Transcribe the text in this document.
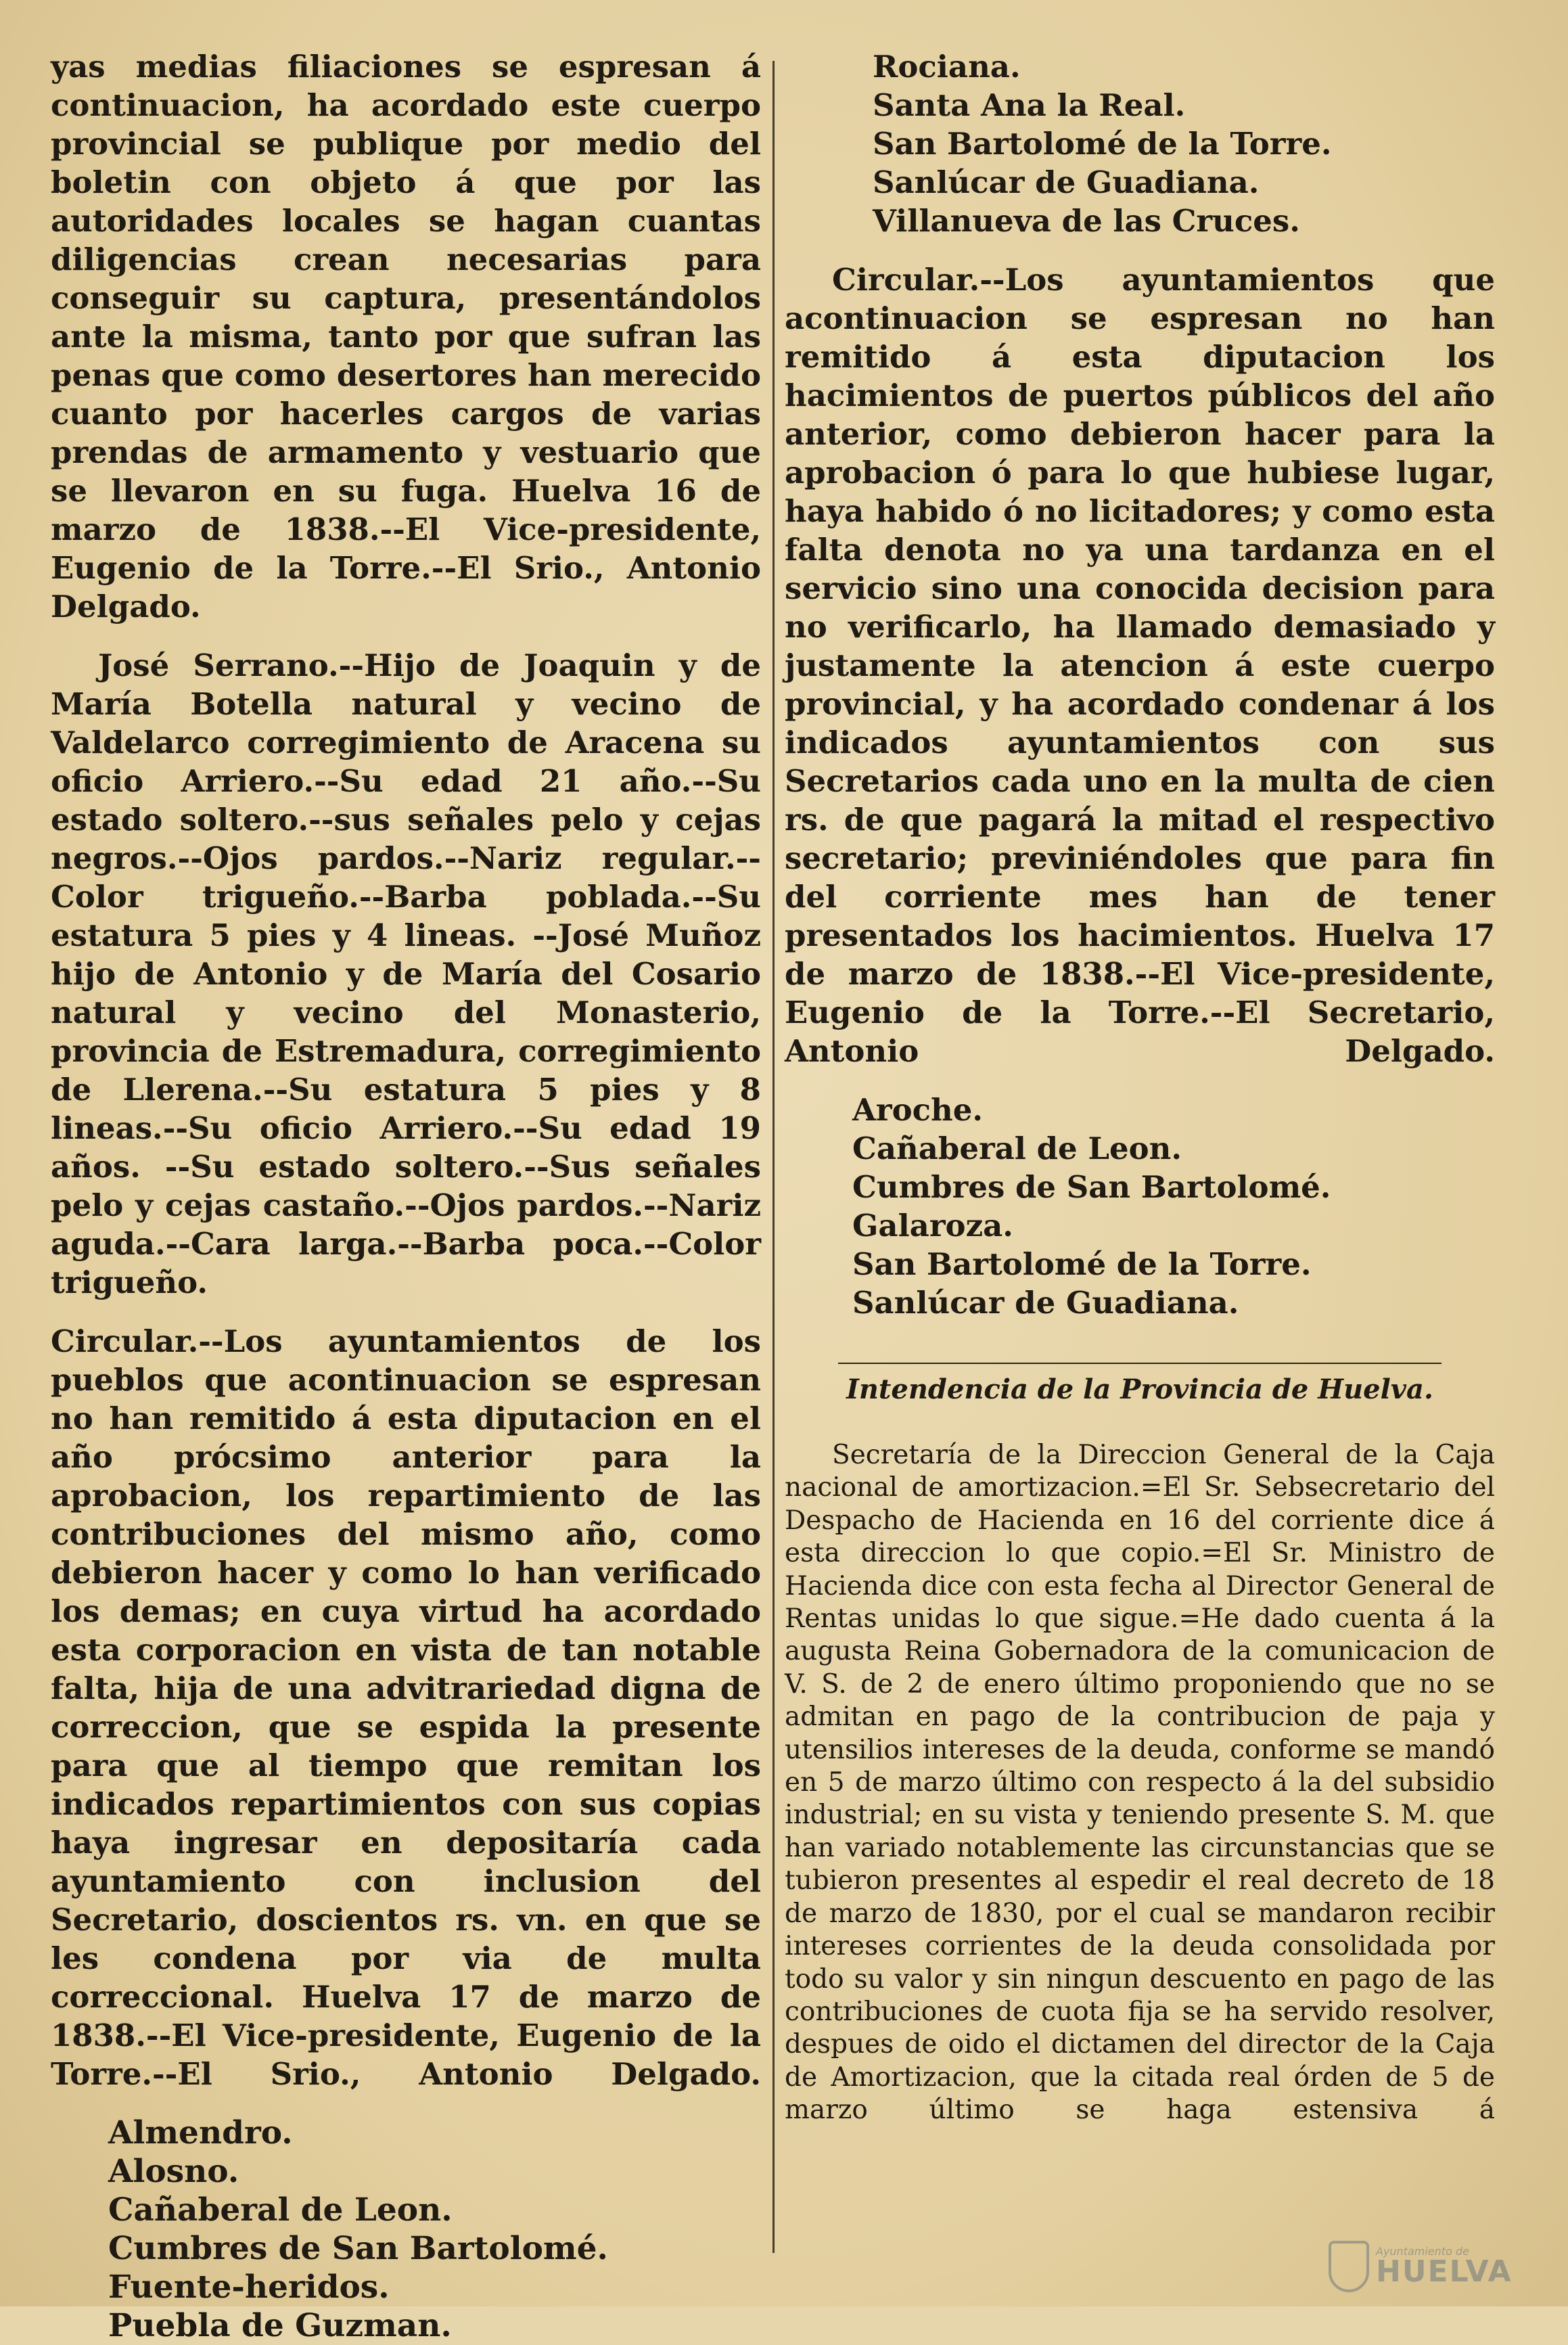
yas medias filiaciones se espresan á continuacion, ha acordado este cuerpo provincial se publique por medio del boletin con objeto á que por las autoridades locales se hagan cuantas diligencias crean necesarias para conseguir su captura, presentándolos ante la misma, tanto por que sufran las penas que como desertores han merecido cuanto por hacerles cargos de varias prendas de armamento y vestuario que se llevaron en su fuga. Huelva 16 de marzo de 1838.--El Vice-presidente, Eugenio de la Torre.--El Srio., Antonio Delgado.

José Serrano.--Hijo de Joaquin y de María Botella natural y vecino de Valdelarco corregimiento de Aracena su oficio Arriero.--Su edad 21 año.--Su estado soltero.--sus señales pelo y cejas negros.--Ojos pardos.--Nariz regular.--Color trigueño.--Barba poblada.--Su estatura 5 pies y 4 lineas. --José Muñoz hijo de Antonio y de María del Cosario natural y vecino del Monasterio, provincia de Estremadura, corregimiento de Llerena.--Su estatura 5 pies y 8 lineas.--Su oficio Arriero.--Su edad 19 años. --Su estado soltero.--Sus señales pelo y cejas castaño.--Ojos pardos.--Nariz aguda.--Cara larga.--Barba poca.--Color trigueño.

Circular.--Los ayuntamientos de los pueblos que acontinuacion se espresan no han remitido á esta diputacion en el año prócsimo anterior para la aprobacion, los repartimiento de las contribuciones del mismo año, como debieron hacer y como lo han verificado los demas; en cuya virtud ha acordado esta corporacion en vista de tan notable falta, hija de una advitrariedad digna de correccion, que se espida la presente para que al tiempo que remitan los indicados repartimientos con sus copias haya ingresar en depositaría cada ayuntamiento con inclusion del Secretario, doscientos rs. vn. en que se les condena por via de multa correccional. Huelva 17 de marzo de 1838.--El Vice-presidente, Eugenio de la Torre.--El Srio., Antonio Delgado.

Almendro.
Alosno.
Cañaberal de Leon.
Cumbres de San Bartolomé.
Fuente-heridos.
Puebla de Guzman.
Rociana.
Santa Ana la Real.
San Bartolomé de la Torre.
Sanlúcar de Guadiana.
Villanueva de las Cruces.

Circular.--Los ayuntamientos que acontinuacion se espresan no han remitido á esta diputacion los hacimientos de puertos públicos del año anterior, como debieron hacer para la aprobacion ó para lo que hubiese lugar, haya habido ó no licitadores; y como esta falta denota no ya una tardanza en el servicio sino una conocida decision para no verificarlo, ha llamado demasiado y justamente la atencion á este cuerpo provincial, y ha acordado condenar á los indicados ayuntamientos con sus Secretarios cada uno en la multa de cien rs. de que pagará la mitad el respectivo secretario; previniéndoles que para fin del corriente mes han de tener presentados los hacimientos. Huelva 17 de marzo de 1838.--El Vice-presidente, Eugenio de la Torre.--El Secretario, Antonio Delgado.

Aroche.
Cañaberal de Leon.
Cumbres de San Bartolomé.
Galaroza.
San Bartolomé de la Torre.
Sanlúcar de Guadiana.
Intendencia de la Provincia de Huelva.

Secretaría de la Direccion General de la Caja nacional de amortizacion.=El Sr. Sebsecretario del Despacho de Hacienda en 16 del corriente dice á esta direccion lo que copio.=El Sr. Ministro de Hacienda dice con esta fecha al Director General de Rentas unidas lo que sigue.=He dado cuenta á la augusta Reina Gobernadora de la comunicacion de V. S. de 2 de enero último proponiendo que no se admitan en pago de la contribucion de paja y utensilios intereses de la deuda, conforme se mandó en 5 de marzo último con respecto á la del subsidio industrial; en su vista y teniendo presente S. M. que han variado notablemente las circunstancias que se tubieron presentes al espedir el real decreto de 18 de marzo de 1830, por el cual se mandaron recibir intereses corrientes de la deuda consolidada por todo su valor y sin ningun descuento en pago de las contribuciones de cuota fija se ha servido resolver, despues de oido el dictamen del director de la Caja de Amortizacion, que la citada real órden de 5 de marzo último se haga estensiva á

Ayuntamiento de
HUELVA
